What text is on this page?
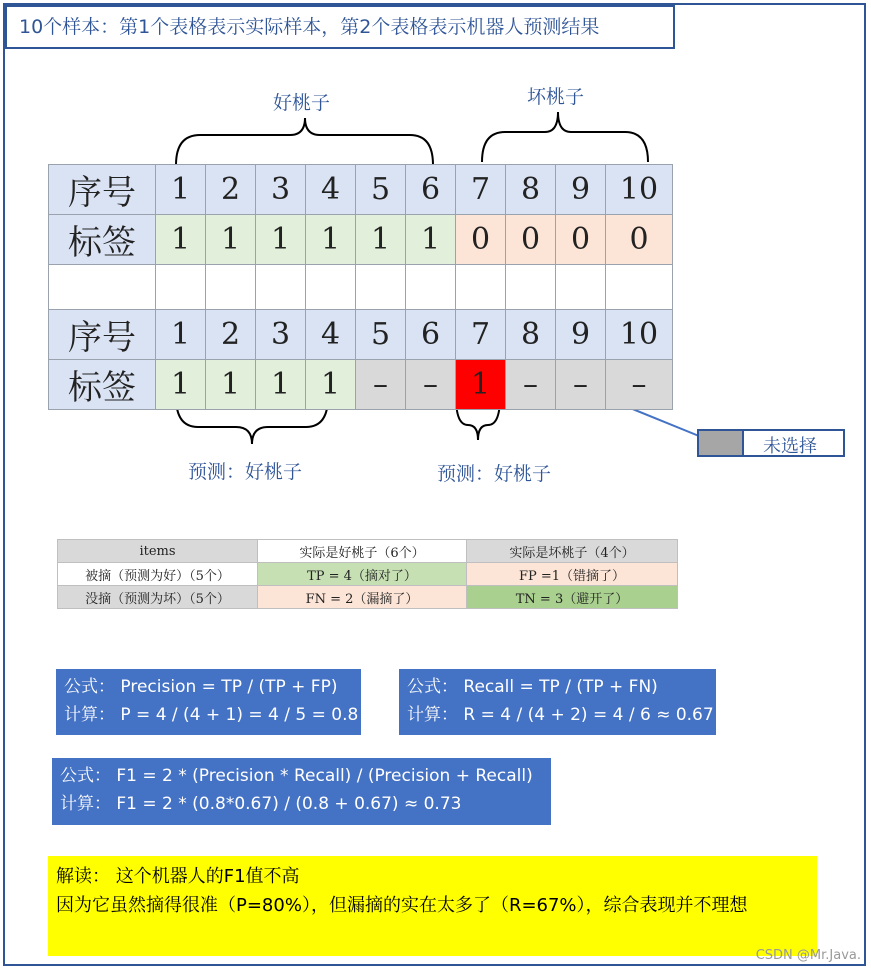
10个样本：第1个表格表示实际样本，第2个表格表示机器人预测结果
好桃子	坏桃子
预测：好桃子	预测：好桃子
序号	1	2	3	4	5	6	7	8	9	10
标签	1	1	1	1	1	1	0	0	0	0

序号	1	2	3	4	5	6	7	8	9	10
标签	1	1	1	1	–	–	1	–	–	–
未选择
items	实际是好桃子（6个）	实际是坏桃子（4个）
被摘（预测为好）（5个）	TP = 4（摘对了）	FP =1（错摘了）
没摘（预测为坏）（5个）	FN = 2（漏摘了）	TN = 3（避开了）
公式： Precision = TP / (TP + FP)
计算： P = 4 / (4 + 1) = 4 / 5 = 0.8
公式： Recall = TP / (TP + FN)
计算： R = 4 / (4 + 2) = 4 / 6 ≈ 0.67
公式： F1 = 2 * (Precision * Recall) / (Precision + Recall)
计算： F1 = 2 * (0.8*0.67) / (0.8 + 0.67) ≈ 0.73
解读： 这个机器人的F1值不高
因为它虽然摘得很准（P=80%），但漏摘的实在太多了（R=67%），综合表现并不理想
CSDN @Mr.Java.
